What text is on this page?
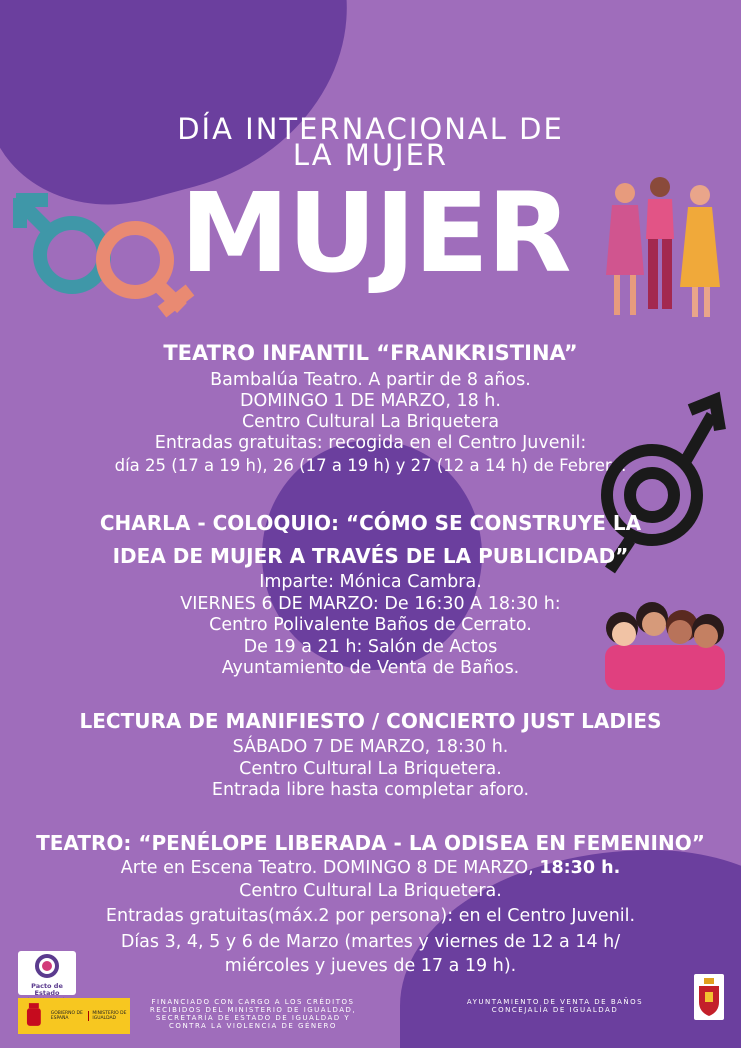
DÍA INTERNACIONAL DE
LA MUJER
MUJER
TEATRO INFANTIL “FRANKRISTINA”
Bambalúa Teatro. A partir de 8 años.
DOMINGO 1 DE MARZO, 18 h.
Centro Cultural La Briquetera
Entradas gratuitas: recogida en el Centro Juvenil:
día 25 (17 a 19 h), 26 (17 a 19 h) y 27 (12 a 14 h) de Febrero.
CHARLA - COLOQUIO: “CÓMO SE CONSTRUYE LA
IDEA DE MUJER A TRAVÉS DE LA PUBLICIDAD”
Imparte: Mónica Cambra.
VIERNES 6 DE MARZO: De 16:30 A 18:30 h:
Centro Polivalente Baños de Cerrato.
De 19 a 21 h: Salón de Actos
Ayuntamiento de Venta de Baños.
LECTURA DE MANIFIESTO / CONCIERTO JUST LADIES
SÁBADO 7 DE MARZO, 18:30 h.
Centro Cultural La Briquetera.
Entrada libre hasta completar aforo.
TEATRO: “PENÉLOPE LIBERADA - LA ODISEA EN FEMENINO”
Arte en Escena Teatro. DOMINGO 8 DE MARZO, 18:30 h.
Centro Cultural La Briquetera.
Entradas gratuitas(máx.2 por persona): en el Centro Juvenil.
Días 3, 4, 5 y 6 de Marzo (martes y viernes de 12 a 14 h/
miércoles y jueves de 17 a 19 h).
Pacto de Estado
GOBIERNO DE ESPAÑA
MINISTERIO DE IGUALDAD
FINANCIADO CON CARGO A LOS CRÉDITOS
RECIBIDOS DEL MINISTERIO DE IGUALDAD,
SECRETARÍA DE ESTADO DE IGUALDAD Y
CONTRA LA VIOLENCIA DE GÉNERO
AYUNTAMIENTO DE VENTA DE BAÑOS
CONCEJALÍA DE IGUALDAD
